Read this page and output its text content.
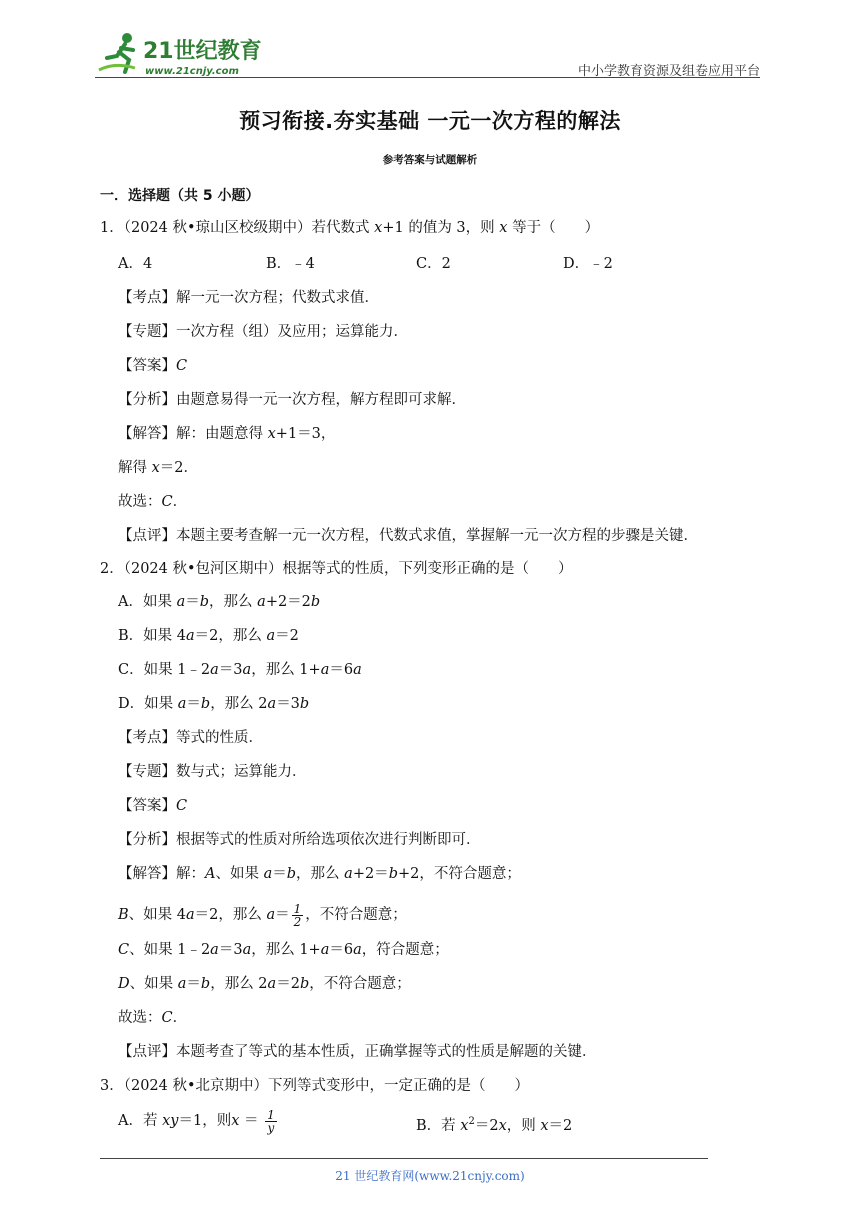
21世纪教育
www.21cnjy.com	中小学教育资源及组卷应用平台
预习衔接.夯实基础 一元一次方程的解法
参考答案与试题解析
一．选择题（共 5 小题）
1．（2024 秋•琼山区校级期中）若代数式 x+1 的值为 3，则 x 等于（　　）
A．4	B．﹣4	C．2	D．﹣2
【考点】解一元一次方程；代数式求值．
【专题】一次方程（组）及应用；运算能力．
【答案】C
【分析】由题意易得一元一次方程，解方程即可求解．
【解答】解：由题意得 x+1＝3，
解得 x＝2．
故选：C．
【点评】本题主要考查解一元一次方程，代数式求值，掌握解一元一次方程的步骤是关键．
2．（2024 秋•包河区期中）根据等式的性质，下列变形正确的是（　　）
A．如果 a＝b，那么 a+2＝2b
B．如果 4a＝2，那么 a＝2
C．如果 1﹣2a＝3a，那么 1+a＝6a
D．如果 a＝b，那么 2a＝3b
【考点】等式的性质．
【专题】数与式；运算能力．
【答案】C
【分析】根据等式的性质对所给选项依次进行判断即可．
【解答】解：A、如果 a＝b，那么 a+2＝b+2，不符合题意；
B、如果 4a＝2，那么 $a= \frac{1}{2}$ ，不符合题意；
C、如果 1﹣2a＝3a，那么 1+a＝6a，符合题意；
D、如果 a＝b，那么 2a＝2b，不符合题意；
故选：C．
【点评】本题考查了等式的基本性质，正确掌握等式的性质是解题的关键．
3．（2024 秋•北京期中）下列等式变形中，一定正确的是（　　）
A．若 xy＝1，则$x = \frac{1}{y}$	B．若 $x^2=2x$，则 x＝2
21 世纪教育网(www.21cnjy.com)
